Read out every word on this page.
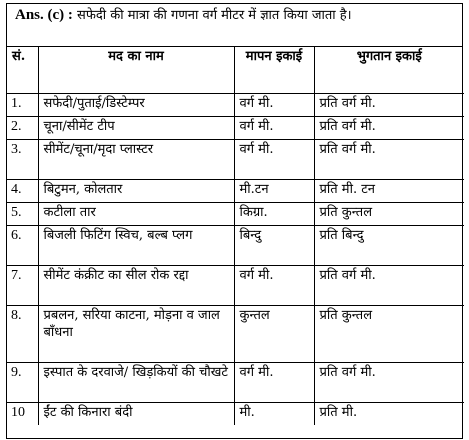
Ans. (c) : सफेदी की मात्रा की गणना वर्ग मीटर में ज्ञात किया जाता है।
सं.	मद का नाम	मापन इकाई	भुगतान इकाई
1.	सफेदी/पुताई/डिस्टेम्पर	वर्ग मी.	प्रति वर्ग मी.
2.	चूना/सीमेंट टीप	वर्ग मी.	प्रति वर्ग मी.
3.	सीमेंट/चूना/मृदा प्लास्टर	वर्ग मी.	प्रति वर्ग मी.
4.	बिटुमन, कोलतार	मी.टन	प्रति मी. टन
5.	कटीला तार	किग्रा.	प्रति कुन्तल
6.	बिजली फिटिंग स्विच, बल्ब प्लग	बिन्दु	प्रति बिन्दु
7.	सीमेंट कंक्रीट का सील रोक रद्दा	वर्ग मी.	प्रति वर्ग मी.
8.	प्रबलन, सरिया काटना, मोड़ना व जाल बाँधना	कुन्तल	प्रति कुन्तल
9.	इस्पात के दरवाजे/ खिड़कियों की चौखटे	वर्ग मी.	प्रति वर्ग मी.
10	ईंट की किनारा बंदी	मी.	प्रति मी.
